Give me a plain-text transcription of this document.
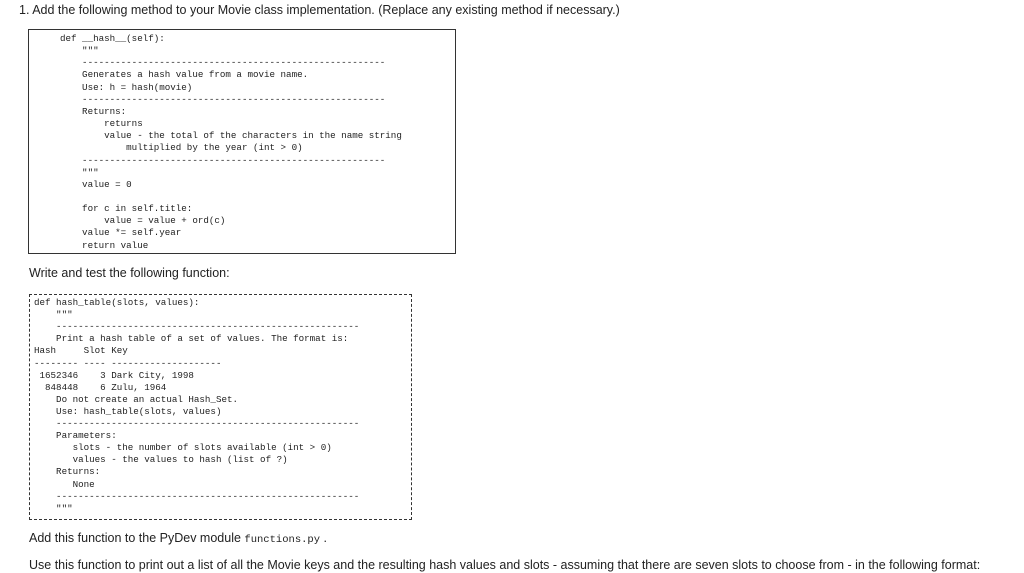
1. Add the following method to your Movie class implementation. (Replace any existing method if necessary.)
def __hash__(self):
"""
-------------------------------------------------------
Generates a hash value from a movie name.
Use: h = hash(movie)
-------------------------------------------------------
Returns:
returns
value - the total of the characters in the name string
multiplied by the year (int > 0)
-------------------------------------------------------
"""
value = 0
for c in self.title:
value = value + ord(c)
value *= self.year
return value
Write and test the following function:
def hash_table(slots, values):
"""
-------------------------------------------------------
Print a hash table of a set of values. The format is:
Hash     Slot Key
-------- ---- --------------------
1652346    3 Dark City, 1998
848448    6 Zulu, 1964
Do not create an actual Hash_Set.
Use: hash_table(slots, values)
-------------------------------------------------------
Parameters:
slots - the number of slots available (int > 0)
values - the values to hash (list of ?)
Returns:
None
-------------------------------------------------------
"""
Add this function to the PyDev module functions.py .
Use this function to print out a list of all the Movie keys and the resulting hash values and slots - assuming that there are seven slots to choose from - in the following format:
